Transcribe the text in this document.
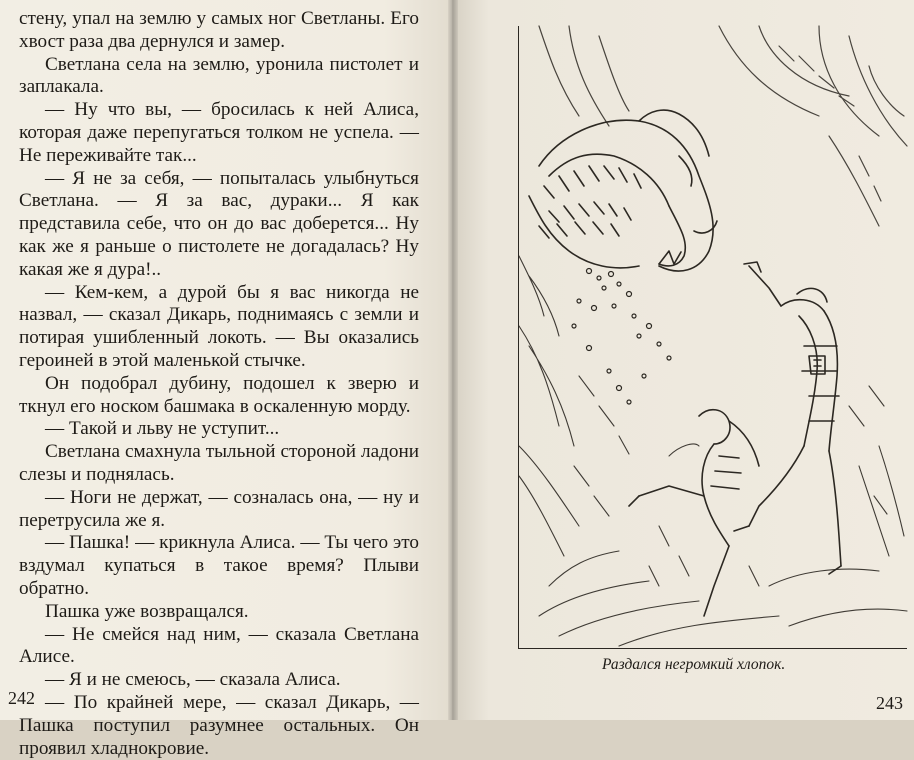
стену, упал на землю у самых ног Светланы. Его хвост раза два дернулся и замер.

Светлана села на землю, уронила пистолет и заплакала.

— Ну что вы, — бросилась к ней Алиса, которая даже перепугаться толком не успела. — Не переживайте так...

— Я не за себя, — попыталась улыбнуться Светлана. — Я за вас, дураки... Я как представила себе, что он до вас доберется... Ну как же я раньше о пистолете не догадалась? Ну какая же я дура!..

— Кем-кем, а дурой бы я вас никогда не назвал, — сказал Дикарь, поднимаясь с земли и потирая ушибленный локоть. — Вы оказались героиней в этой маленькой стычке.

Он подобрал дубину, подошел к зверю и ткнул его носком башмака в оскаленную морду.

— Такой и льву не уступит...

Светлана смахнула тыльной стороной ладони слезы и поднялась.

— Ноги не держат, — созналась она, — ну и перетрусила же я.

— Пашка! — крикнула Алиса. — Ты чего это вздумал купаться в такое время? Плыви обратно.

Пашка уже возвращался.

— Не смейся над ним, — сказала Светлана Алисе.

— Я и не смеюсь, — сказала Алиса.

— По крайней мере, — сказал Дикарь, — Пашка поступил разумнее остальных. Он проявил хладнокровие.

242
Раздался негромкий хлопок.
243
